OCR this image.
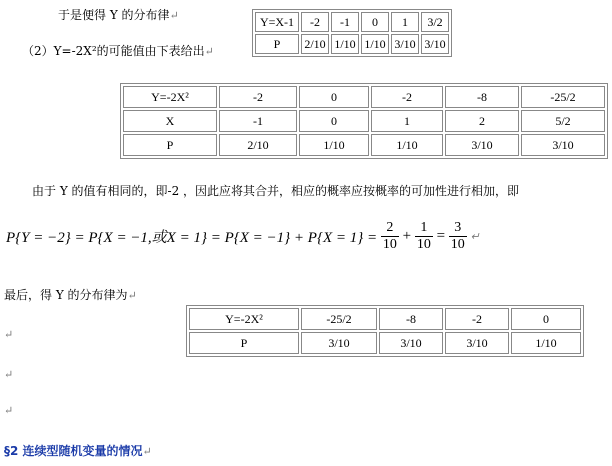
于是便得 Y 的分布律↵	Y=X-1	-2	-1	0	1	3/2
P	2/10	1/10	1/10	3/10	3/10
（2）Y=-2X²的可能值由下表给出↵
Y=-2X²	-2	0	-2	-8	-25/2
X	-1	0	1	2	5/2
P	2/10	1/10	1/10	3/10	3/10
由于 Y 的值有相同的，即-2 ，因此应将其合并，相应的概率应按概率的可加性进行相加，即
P{Y = −2} = P{X = −1,或$X = 1\} = P\{X = -1\} + P\{X = 1\} = \frac{2}{10} + \frac{1}{10} = \frac{3}{10}$ ↵
最后，得 Y 的分布律为↵
Y=-2X²	-25/2	-8	-2	0
P	3/10	3/10	3/10	1/10
↵
↵
↵
§2 连续型随机变量的情况↵
